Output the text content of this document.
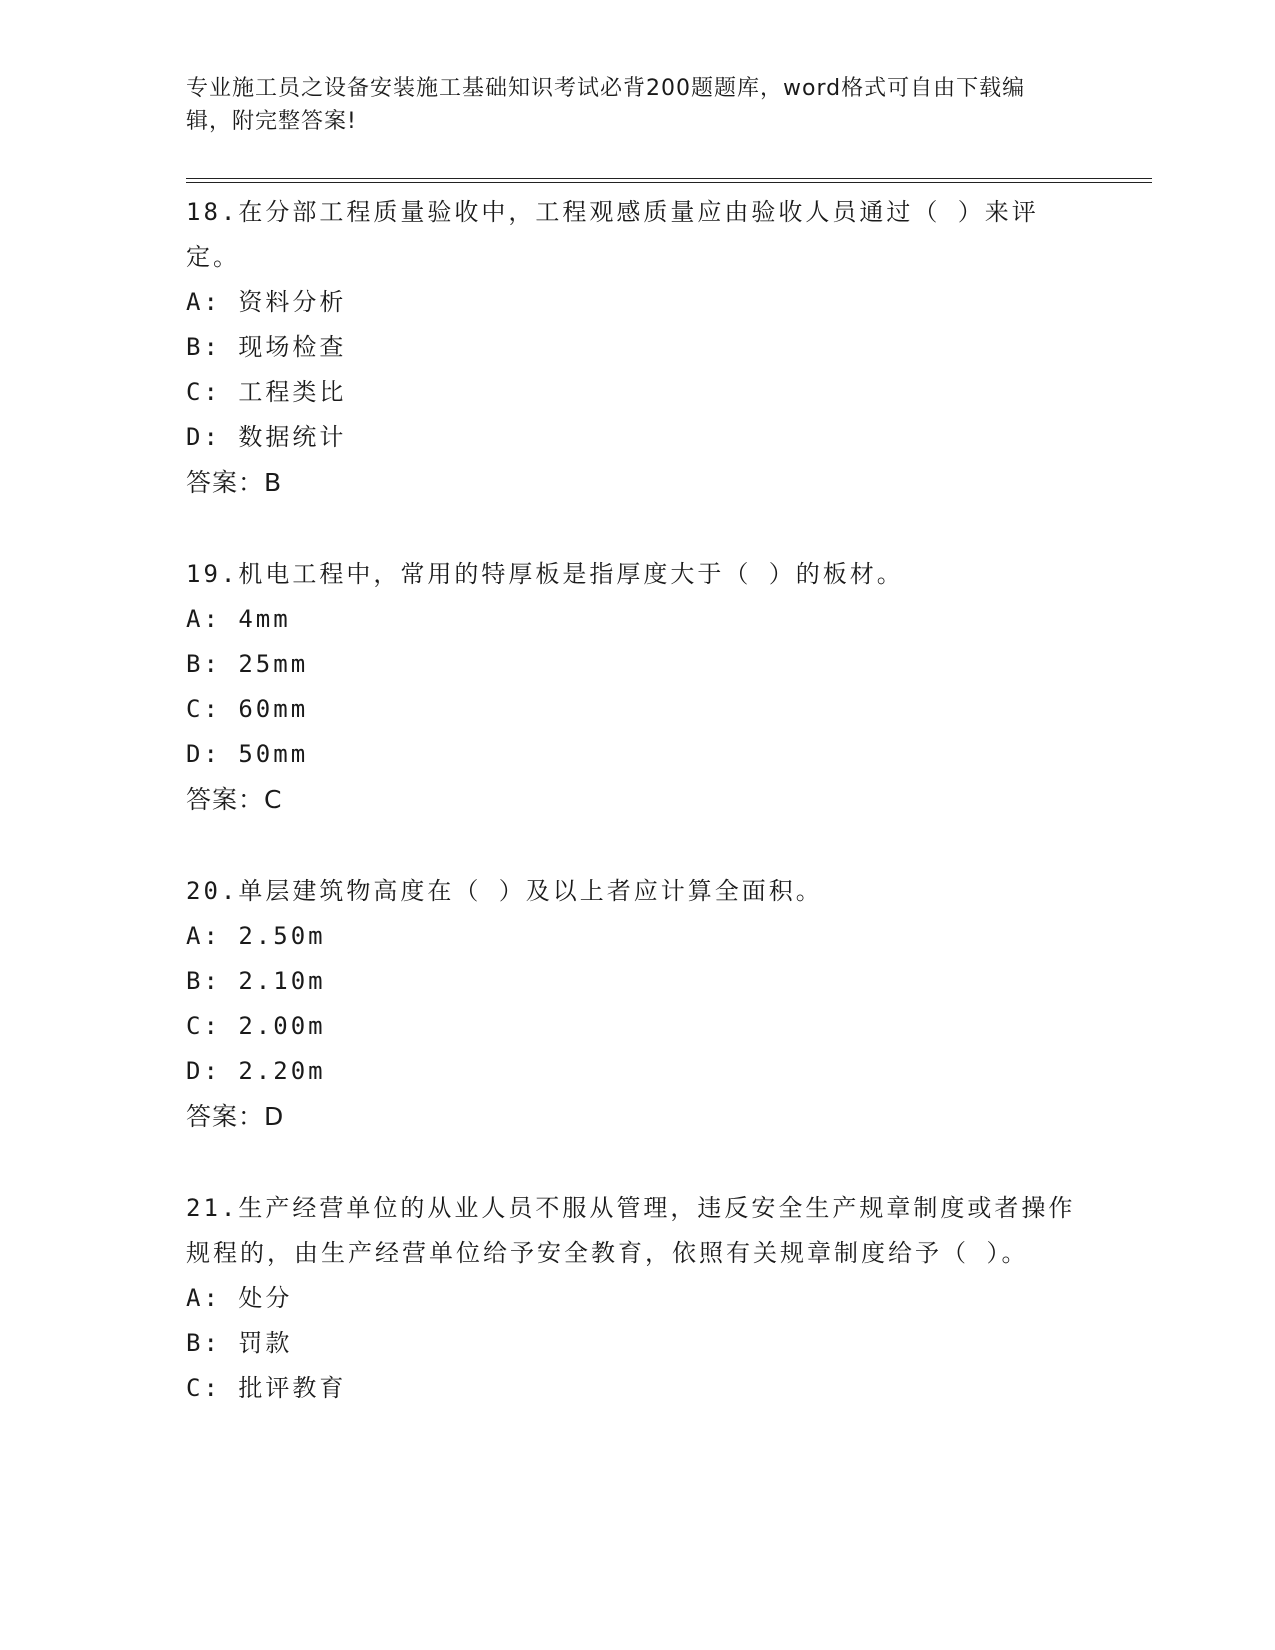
专业施工员之设备安装施工基础知识考试必背200题题库，word格式可自由下载编辑，附完整答案!

18.在分部工程质量验收中，工程观感质量应由验收人员通过（ ）来评定。

A: 资料分析
B: 现场检查
C: 工程类比
D: 数据统计
答案：B

19.机电工程中，常用的特厚板是指厚度大于（ ）的板材。

A: 4mm
B: 25mm
C: 60mm
D: 50mm
答案：C

20.单层建筑物高度在（ ）及以上者应计算全面积。

A: 2.50m
B: 2.10m
C: 2.00m
D: 2.20m
答案：D

21.生产经营单位的从业人员不服从管理，违反安全生产规章制度或者操作规程的，由生产经营单位给予安全教育，依照有关规章制度给予（ ）。

A: 处分
B: 罚款
C: 批评教育
